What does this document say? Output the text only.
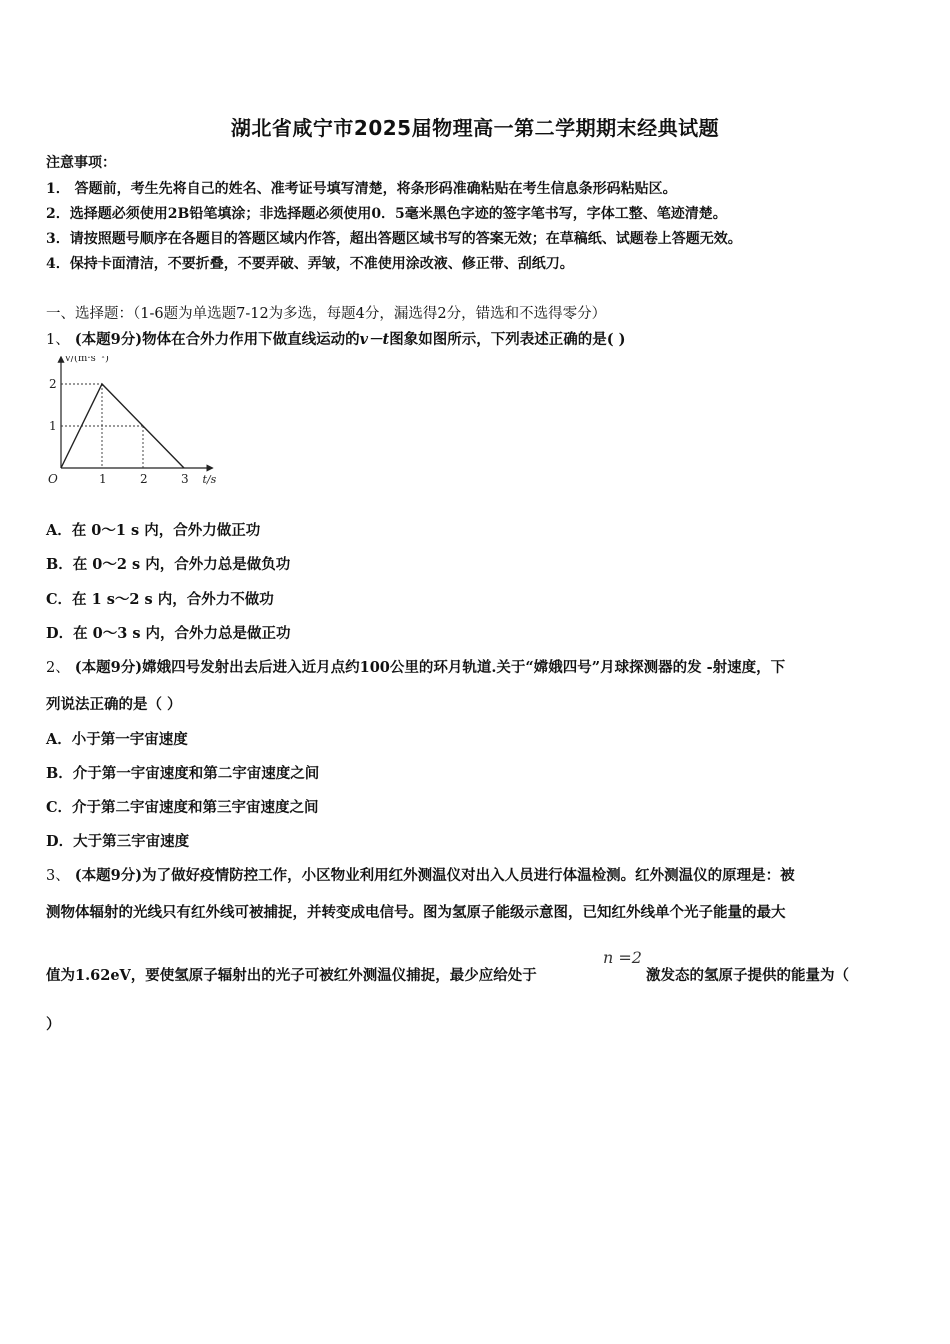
湖北省咸宁市2025届物理高一第二学期期末经典试题
注意事项：
1． 答题前，考生先将自己的姓名、准考证号填写清楚，将条形码准确粘贴在考生信息条形码粘贴区。
2．选择题必须使用2B铅笔填涂；非选择题必须使用0．5毫米黑色字迹的签字笔书写，字体工整、笔迹清楚。
3．请按照题号顺序在各题目的答题区域内作答，超出答题区域书写的答案无效；在草稿纸、试题卷上答题无效。
4．保持卡面清洁，不要折叠，不要弄破、弄皱，不准使用涂改液、修正带、刮纸刀。
一、选择题：（1-6题为单选题7-12为多选，每题4分，漏选得2分，错选和不选得零分）
1、 (本题9分)物体在合外力作用下做直线运动的v－t图象如图所示，下列表述正确的是( )
1	2	3
1
2
v/(m·s⁻¹)
t/s
O
A．在 0～1 s 内，合外力做正功
B．在 0～2 s 内，合外力总是做负功
C．在 1 s～2 s 内，合外力不做功
D．在 0～3 s 内，合外力总是做正功
2、 (本题9分)嫦娥四号发射出去后进入近月点约100公里的环月轨道.关于“嫦娥四号”月球探测器的发 -射速度，下
列说法正确的是（ ）
A．小于第一宇宙速度
B．介于第一宇宙速度和第二宇宙速度之间
C．介于第二宇宙速度和第三宇宙速度之间
D．大于第三宇宙速度
3、 (本题9分)为了做好疫情防控工作，小区物业利用红外测温仪对出入人员进行体温检测。红外测温仪的原理是：被
测物体辐射的光线只有红外线可被捕捉，并转变成电信号。图为氢原子能级示意图，已知红外线单个光子能量的最大
值为1.62eV，要使氢原子辐射出的光子可被红外测温仪捕捉，最少应给处于
n =2
激发态的氢原子提供的能量为（
）
